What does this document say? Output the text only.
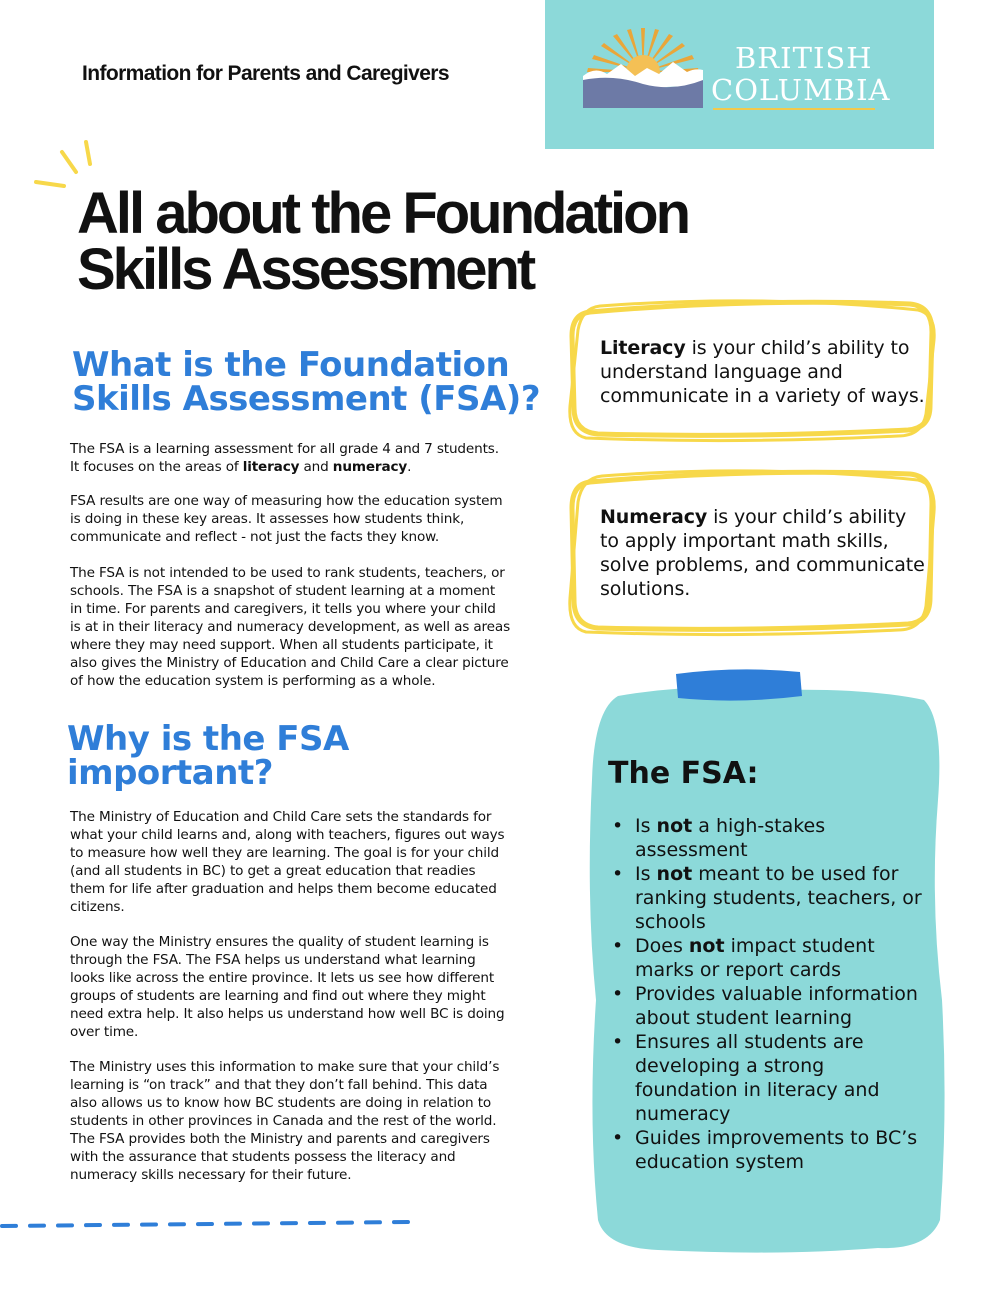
Information for Parents and Caregivers	BRITISH
COLUMBIA
All about the Foundation
Skills Assessment
What is the Foundation
Skills Assessment (FSA)?

The FSA is a learning assessment for all grade 4 and 7 students. It focuses on the areas of literacy and numeracy.

FSA results are one way of measuring how the education system is doing in these key areas. It assesses how students think, communicate and reflect - not just the facts they know.

The FSA is not intended to be used to rank students, teachers, or schools. The FSA is a snapshot of student learning at a moment in time. For parents and caregivers, it tells you where your child is at in their literacy and numeracy development, as well as areas where they may need support. When all students participate, it also gives the Ministry of Education and Child Care a clear picture of how the education system is performing as a whole.

Why is the FSA
important?

The Ministry of Education and Child Care sets the standards for what your child learns and, along with teachers, figures out ways to measure how well they are learning. The goal is for your child (and all students in BC) to get a great education that readies them for life after graduation and helps them become educated citizens.

One way the Ministry ensures the quality of student learning is through the FSA. The FSA helps us understand what learning looks like across the entire province. It lets us see how different groups of students are learning and find out where they might need extra help. It also helps us understand how well BC is doing over time.

The Ministry uses this information to make sure that your child’s learning is “on track” and that they don’t fall behind. This data also allows us to know how BC students are doing in relation to students in other provinces in Canada and the rest of the world. The FSA provides both the Ministry and parents and caregivers with the assurance that students possess the literacy and numeracy skills necessary for their future.

Literacy is your child’s ability to understand language and communicate in a variety of ways.
Numeracy is your child’s ability to apply important math skills, solve problems, and communicate solutions.
The FSA:
• Is not a high-stakes assessment
• Is not meant to be used for ranking students, teachers, or schools
• Does not impact student marks or report cards
• Provides valuable information about student learning
• Ensures all students are developing a strong foundation in literacy and numeracy
• Guides improvements to BC’s education system
